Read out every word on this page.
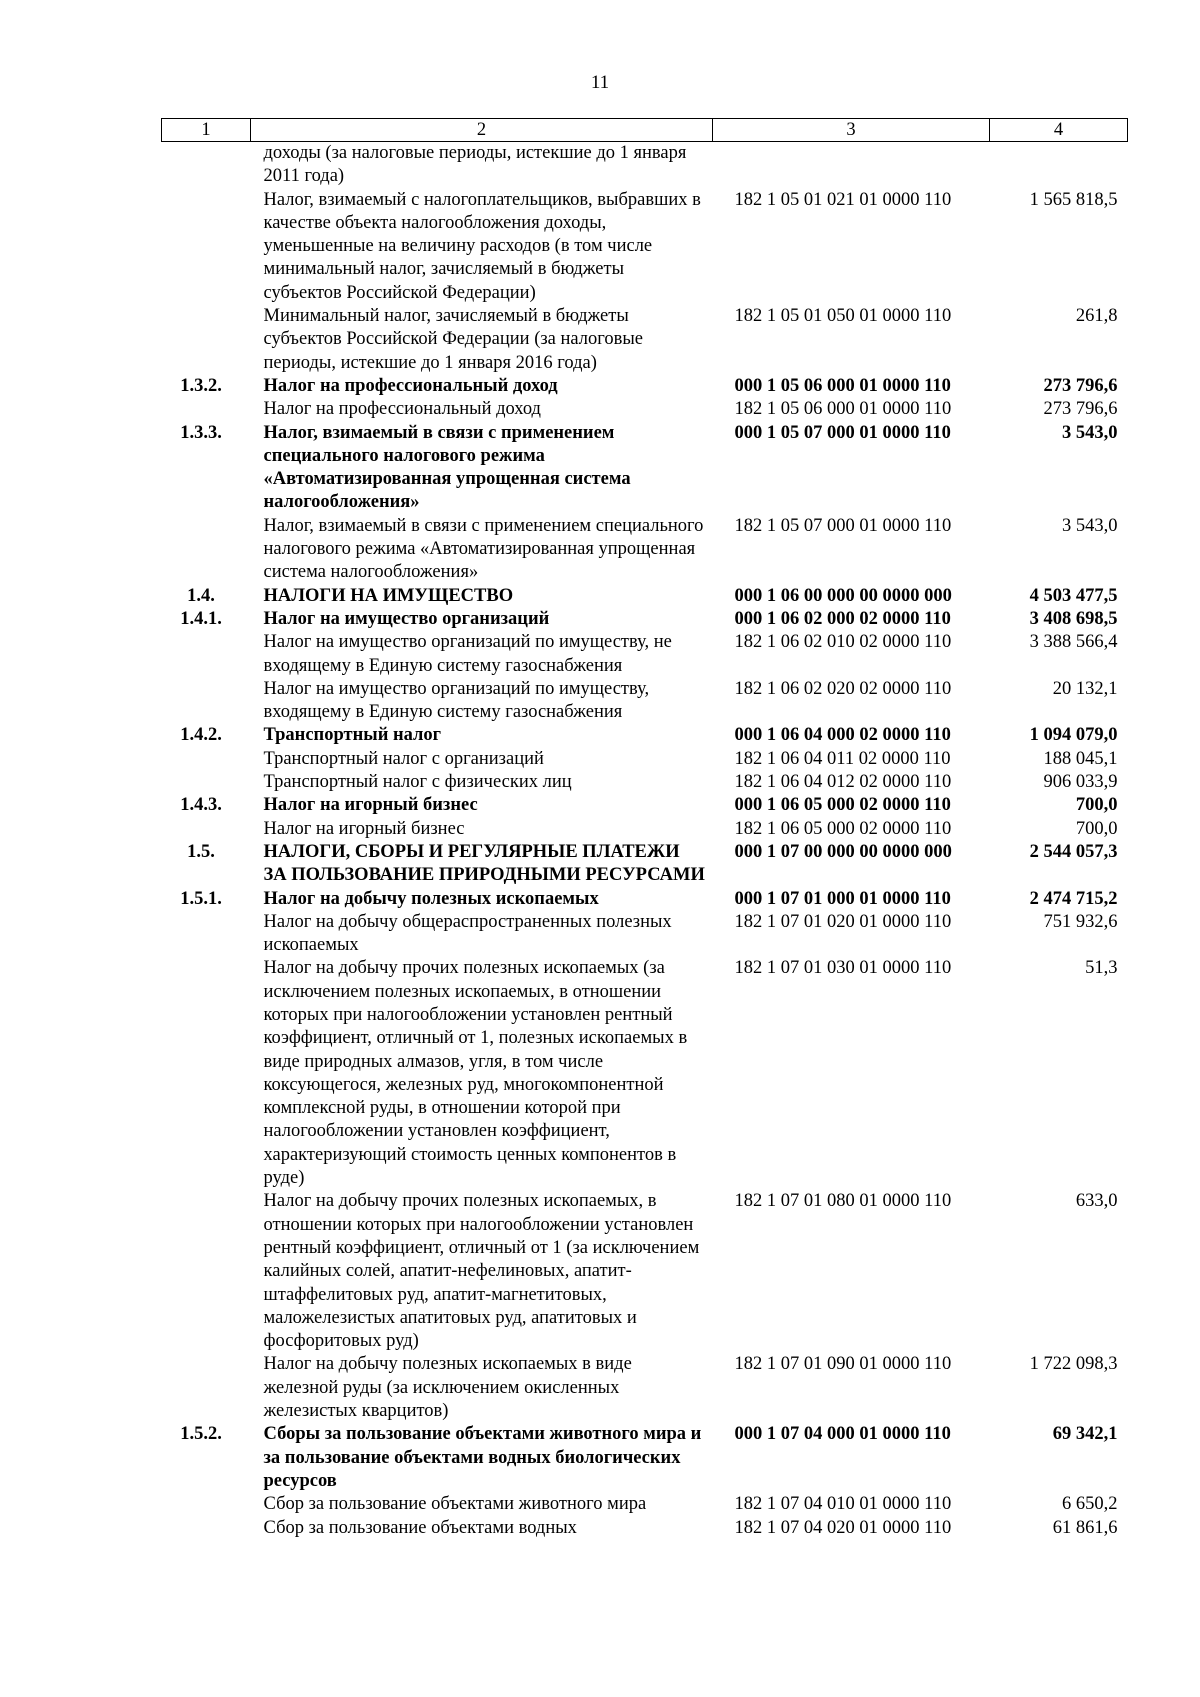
11
1	2	3	4
	доходы (за налоговые периоды, истекшие до 1 января 2011 года)		
	Налог, взимаемый с налогоплательщиков, выбравших в качестве объекта налогообложения доходы, уменьшенные на величину расходов (в том числе минимальный налог, зачисляемый в бюджеты субъектов Российской Федерации)	182 1 05 01 021 01 0000 110	1 565 818,5
	Минимальный налог, зачисляемый в бюджеты субъектов Российской Федерации (за налоговые периоды, истекшие до 1 января 2016 года)	182 1 05 01 050 01 0000 110	261,8
1.3.2.	Налог на профессиональный доход	000 1 05 06 000 01 0000 110	273 796,6
	Налог на профессиональный доход	182 1 05 06 000 01 0000 110	273 796,6
1.3.3.	Налог, взимаемый в связи с применением специального налогового режима «Автоматизированная упрощенная система налогообложения»	000 1 05 07 000 01 0000 110	3 543,0
	Налог, взимаемый в связи с применением специального налогового режима «Автоматизированная упрощенная система налогообложения»	182 1 05 07 000 01 0000 110	3 543,0
1.4.	НАЛОГИ НА ИМУЩЕСТВО	000 1 06 00 000 00 0000 000	4 503 477,5
1.4.1.	Налог на имущество организаций	000 1 06 02 000 02 0000 110	3 408 698,5
	Налог на имущество организаций по имуществу, не входящему в Единую систему газоснабжения	182 1 06 02 010 02 0000 110	3 388 566,4
	Налог на имущество организаций по имуществу, входящему в Единую систему газоснабжения	182 1 06 02 020 02 0000 110	20 132,1
1.4.2.	Транспортный налог	000 1 06 04 000 02 0000 110	1 094 079,0
	Транспортный налог с организаций	182 1 06 04 011 02 0000 110	188 045,1
	Транспортный налог с физических лиц	182 1 06 04 012 02 0000 110	906 033,9
1.4.3.	Налог на игорный бизнес	000 1 06 05 000 02 0000 110	700,0
	Налог на игорный бизнес	182 1 06 05 000 02 0000 110	700,0
1.5.	НАЛОГИ, СБОРЫ И РЕГУЛЯРНЫЕ ПЛАТЕЖИ ЗА ПОЛЬЗОВАНИЕ ПРИРОДНЫМИ РЕСУРСАМИ	000 1 07 00 000 00 0000 000	2 544 057,3
1.5.1.	Налог на добычу полезных ископаемых	000 1 07 01 000 01 0000 110	2 474 715,2
	Налог на добычу общераспространенных полезных ископаемых	182 1 07 01 020 01 0000 110	751 932,6
	Налог на добычу прочих полезных ископаемых (за исключением полезных ископаемых, в отношении которых при налогообложении установлен рентный коэффициент, отличный от 1, полезных ископаемых в виде природных алмазов, угля, в том числе коксующегося, железных руд, многокомпонентной комплексной руды, в отношении которой при налогообложении установлен коэффициент, характеризующий стоимость ценных компонентов в руде)	182 1 07 01 030 01 0000 110	51,3
	Налог на добычу прочих полезных ископаемых, в отношении которых при налогообложении установлен рентный коэффициент, отличный от 1 (за исключением калийных солей, апатит-нефелиновых, апатит-штаффелитовых руд, апатит-магнетитовых, маложелезистых апатитовых руд, апатитовых и фосфоритовых руд)	182 1 07 01 080 01 0000 110	633,0
	Налог на добычу полезных ископаемых в виде железной руды (за исключением окисленных железистых кварцитов)	182 1 07 01 090 01 0000 110	1 722 098,3
1.5.2.	Сборы за пользование объектами животного мира и за пользование объектами водных биологических ресурсов	000 1 07 04 000 01 0000 110	69 342,1
	Сбор за пользование объектами животного мира	182 1 07 04 010 01 0000 110	6 650,2
	Сбор за пользование объектами водных	182 1 07 04 020 01 0000 110	61 861,6
